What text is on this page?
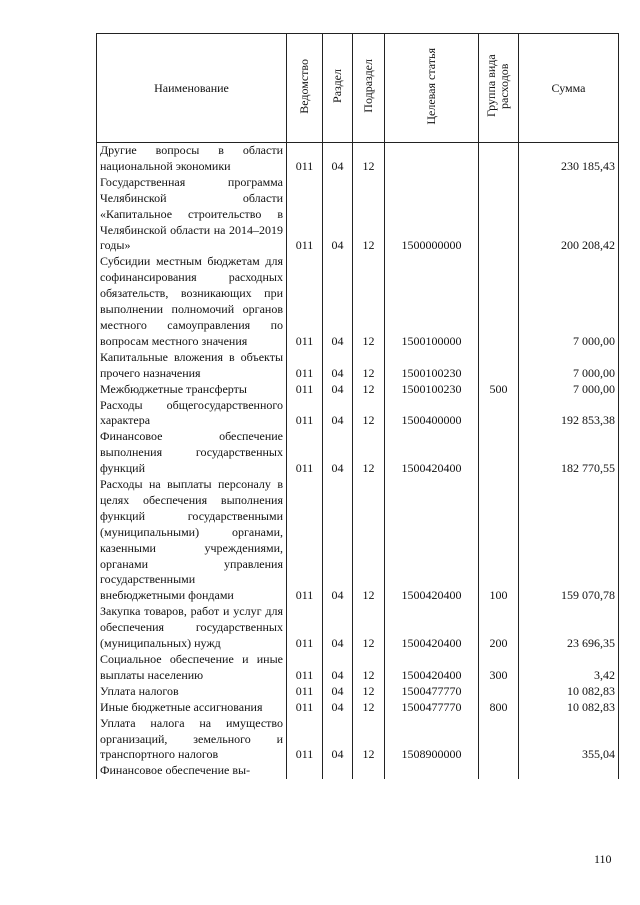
Наименование	Ведомство	Раздел	Подраздел	Целевая статья	Группа вида расходов	Сумма
Другие вопросы в области национальной экономики	011	04	12			230 185,43
Государственная программа Челябинской области «Капитальное строительство в Челябинской области на 2014–2019 годы»	011	04	12	1500000000		200 208,42
Субсидии местным бюджетам для софинансирования расходных обязательств, возникающих при выполнении полномочий органов местного самоуправления по вопросам местного значения	011	04	12	1500100000		7 000,00
Капитальные вложения в объекты прочего назначения	011	04	12	1500100230		7 000,00
Межбюджетные трансферты	011	04	12	1500100230	500	7 000,00
Расходы общегосударственного характера	011	04	12	1500400000		192 853,38
Финансовое обеспечение выполнения государственных функций	011	04	12	1500420400		182 770,55
Расходы на выплаты персоналу в целях обеспечения выполнения функций государственными (муниципальными) органами, казенными учреждениями, органами управления государственными внебюджетными фондами	011	04	12	1500420400	100	159 070,78
Закупка товаров, работ и услуг для обеспечения государственных (муниципальных) нужд	011	04	12	1500420400	200	23 696,35
Социальное обеспечение и иные выплаты населению	011	04	12	1500420400	300	3,42
Уплата налогов	011	04	12	1500477770		10 082,83
Иные бюджетные ассигнования	011	04	12	1500477770	800	10 082,83
Уплата налога на имущество организаций, земельного и транспортного налогов	011	04	12	1508900000		355,04
Финансовое обеспечение вы-						
110
